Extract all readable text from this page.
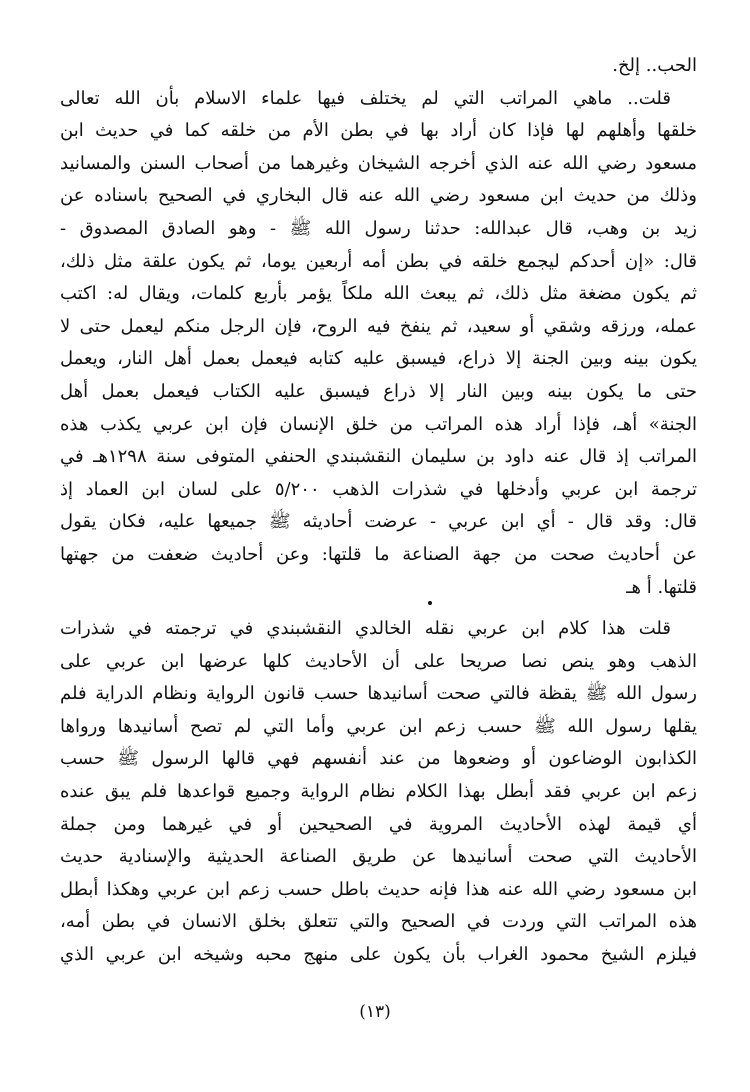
الحب.. إلخ.
قلت.. ماهي المراتب التي لم يختلف فيها علماء الاسلام بأن الله تعالى
خلقها وأهلهم لها فإذا كان أراد بها في بطن الأم من خلقه كما في حديث ابن
مسعود رضي الله عنه الذي أخرجه الشيخان وغيرهما من أصحاب السنن والمسانيد
وذلك من حديث ابن مسعود رضي الله عنه قال البخاري في الصحيح باسناده عن
زيد بن وهب، قال عبدالله: حدثنا رسول الله ﷺ - وهو الصادق المصدوق -
قال: «إن أحدكم ليجمع خلقه في بطن أمه أربعين يوما، ثم يكون علقة مثل ذلك،
ثم يكون مضغة مثل ذلك، ثم يبعث الله ملكاً يؤمر بأربع كلمات، ويقال له: اكتب
عمله، ورزقه وشقي أو سعيد، ثم ينفخ فيه الروح، فإن الرجل منكم ليعمل حتى لا
يكون بينه وبين الجنة إلا ذراع، فيسبق عليه كتابه فيعمل بعمل أهل النار، ويعمل
حتى ما يكون بينه وبين النار إلا ذراع فيسبق عليه الكتاب فيعمل بعمل أهل
الجنة» أهـ، فإذا أراد هذه المراتب من خلق الإنسان فإن ابن عربي يكذب هذه
المراتب إذ قال عنه داود بن سليمان النقشبندي الحنفي المتوفى سنة ١٢٩٨هـ في
ترجمة ابن عربي وأدخلها في شذرات الذهب ٥/٢٠٠ على لسان ابن العماد إذ
قال: وقد قال - أي ابن عربي - عرضت أحاديثه ﷺ جميعها عليه، فكان يقول
عن أحاديث صحت من جهة الصناعة ما قلتها: وعن أحاديث ضعفت من جهتها
قلتها. أ هـ
قلت هذا كلام ابن عربي نقله الخالدي النقشبندي في ترجمته في شذرات
الذهب وهو ينص نصا صريحا على أن الأحاديث كلها عرضها ابن عربي على
رسول الله ﷺ يقظة فالتي صحت أسانيدها حسب قانون الرواية ونظام الدراية فلم
يقلها رسول الله ﷺ حسب زعم ابن عربي وأما التي لم تصح أسانيدها ورواها
الكذابون الوضاعون أو وضعوها من عند أنفسهم فهي قالها الرسول ﷺ حسب
زعم ابن عربي فقد أبطل بهذا الكلام نظام الرواية وجميع قواعدها فلم يبق عنده
أي قيمة لهذه الأحاديث المروية في الصحيحين أو في غيرهما ومن جملة
الأحاديث التي صحت أسانيدها عن طريق الصناعة الحديثية والإسنادية حديث
ابن مسعود رضي الله عنه هذا فإنه حديث باطل حسب زعم ابن عربي وهكذا أبطل
هذه المراتب التي وردت في الصحيح والتي تتعلق بخلق الانسان في بطن أمه،
فيلزم الشيخ محمود الغراب بأن يكون على منهج محبه وشيخه ابن عربي الذي
(١٣)
